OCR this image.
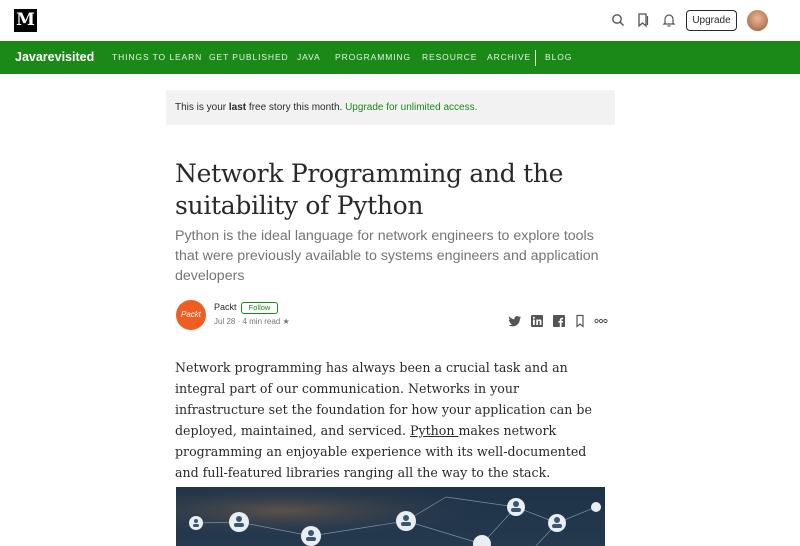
M	Upgrade
Javarevisited THINGS TO LEARN GET PUBLISHED JAVA PROGRAMMING RESOURCE ARCHIVE BLOG
This is your last free story this month. Upgrade for unlimited access.
Network Programming and the suitability of Python
Python is the ideal language for network engineers to explore tools that were previously available to systems engineers and application developers
Packt
Packt	Follow
Jul 28 · 4 min read ★

Network programming has always been a crucial task and an integral part of our communication. Networks in your infrastructure set the foundation for how your application can be deployed, maintained, and serviced. Python makes network programming an enjoyable experience with its well-documented and full-featured libraries ranging all the way to the stack.
